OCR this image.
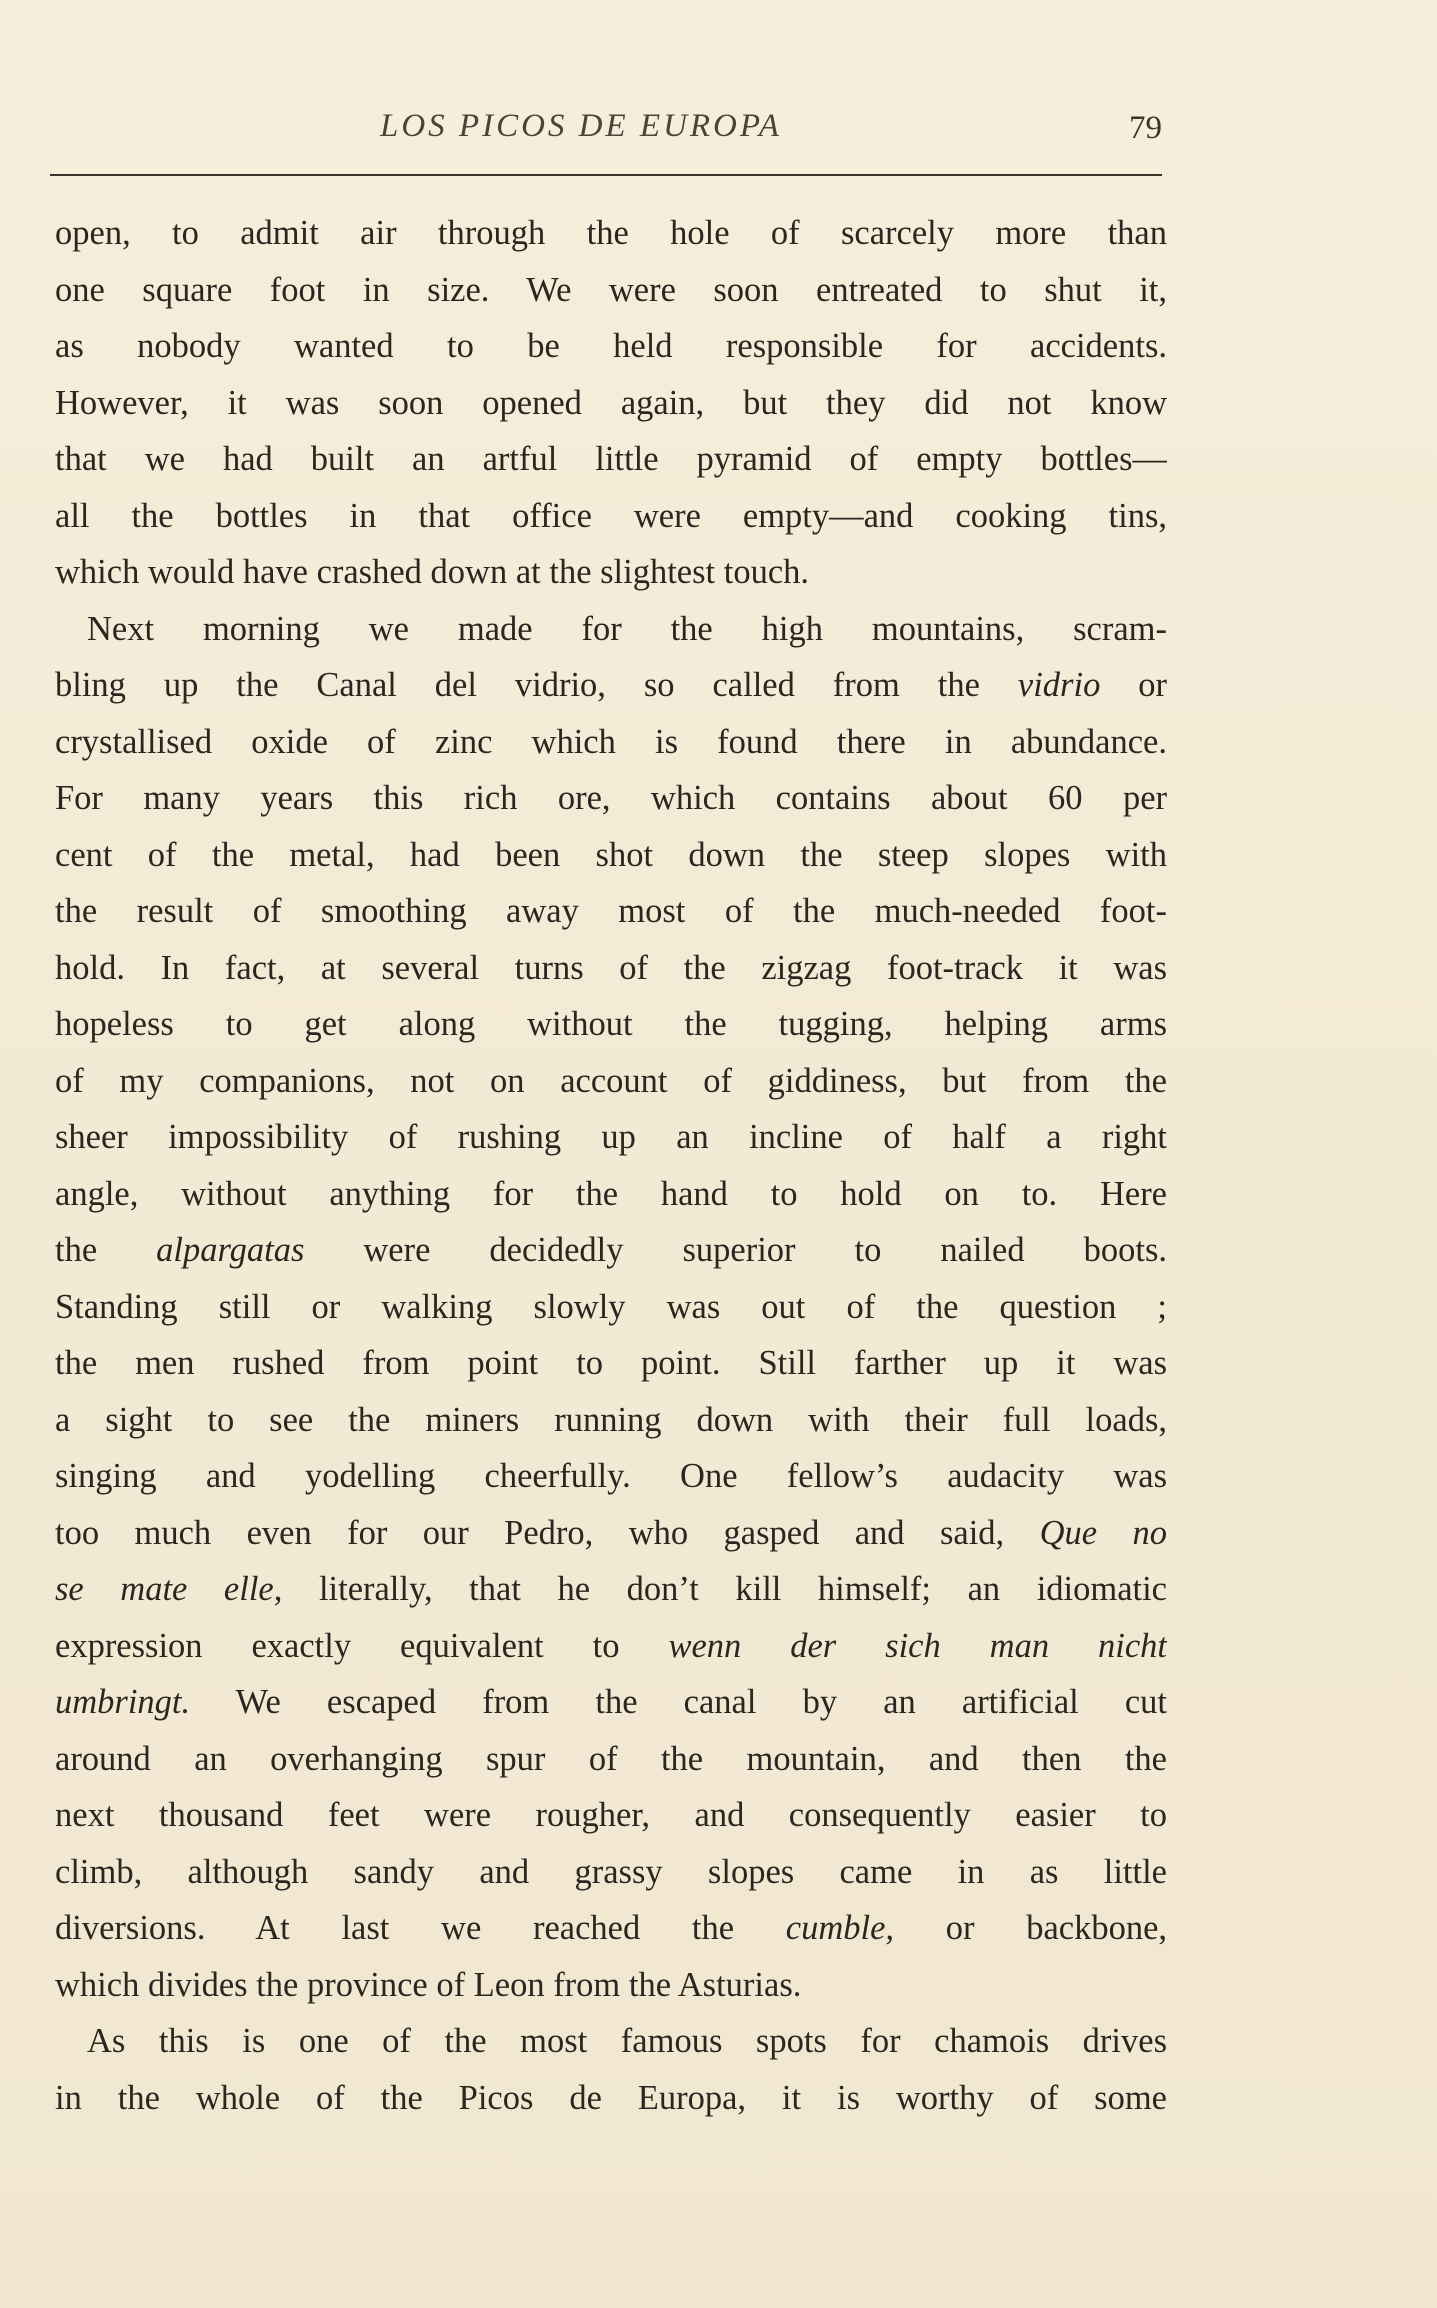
LOS PICOS DE EUROPA	79

open, to admit air through the hole of scarcely more than
one square foot in size. We were soon entreated to shut it,
as nobody wanted to be held responsible for accidents.
However, it was soon opened again, but they did not know
that we had built an artful little pyramid of empty bottles—
all the bottles in that office were empty—and cooking tins,
which would have crashed down at the slightest touch.

Next morning we made for the high mountains, scram-
bling up the Canal del vidrio, so called from the vidrio or
crystallised oxide of zinc which is found there in abundance.
For many years this rich ore, which contains about 60 per
cent of the metal, had been shot down the steep slopes with
the result of smoothing away most of the much-needed foot-
hold. In fact, at several turns of the zigzag foot-track it was
hopeless to get along without the tugging, helping arms
of my companions, not on account of giddiness, but from the
sheer impossibility of rushing up an incline of half a right
angle, without anything for the hand to hold on to. Here
the alpargatas were decidedly superior to nailed boots.
Standing still or walking slowly was out of the question ;
the men rushed from point to point. Still farther up it was
a sight to see the miners running down with their full loads,
singing and yodelling cheerfully. One fellow’s audacity was
too much even for our Pedro, who gasped and said, Que no
se mate elle, literally, that he don’t kill himself; an idiomatic
expression exactly equivalent to wenn der sich man nicht
umbringt. We escaped from the canal by an artificial cut
around an overhanging spur of the mountain, and then the
next thousand feet were rougher, and consequently easier to
climb, although sandy and grassy slopes came in as little
diversions. At last we reached the cumble, or backbone,
which divides the province of Leon from the Asturias.

As this is one of the most famous spots for chamois drives
in the whole of the Picos de Europa, it is worthy of some
